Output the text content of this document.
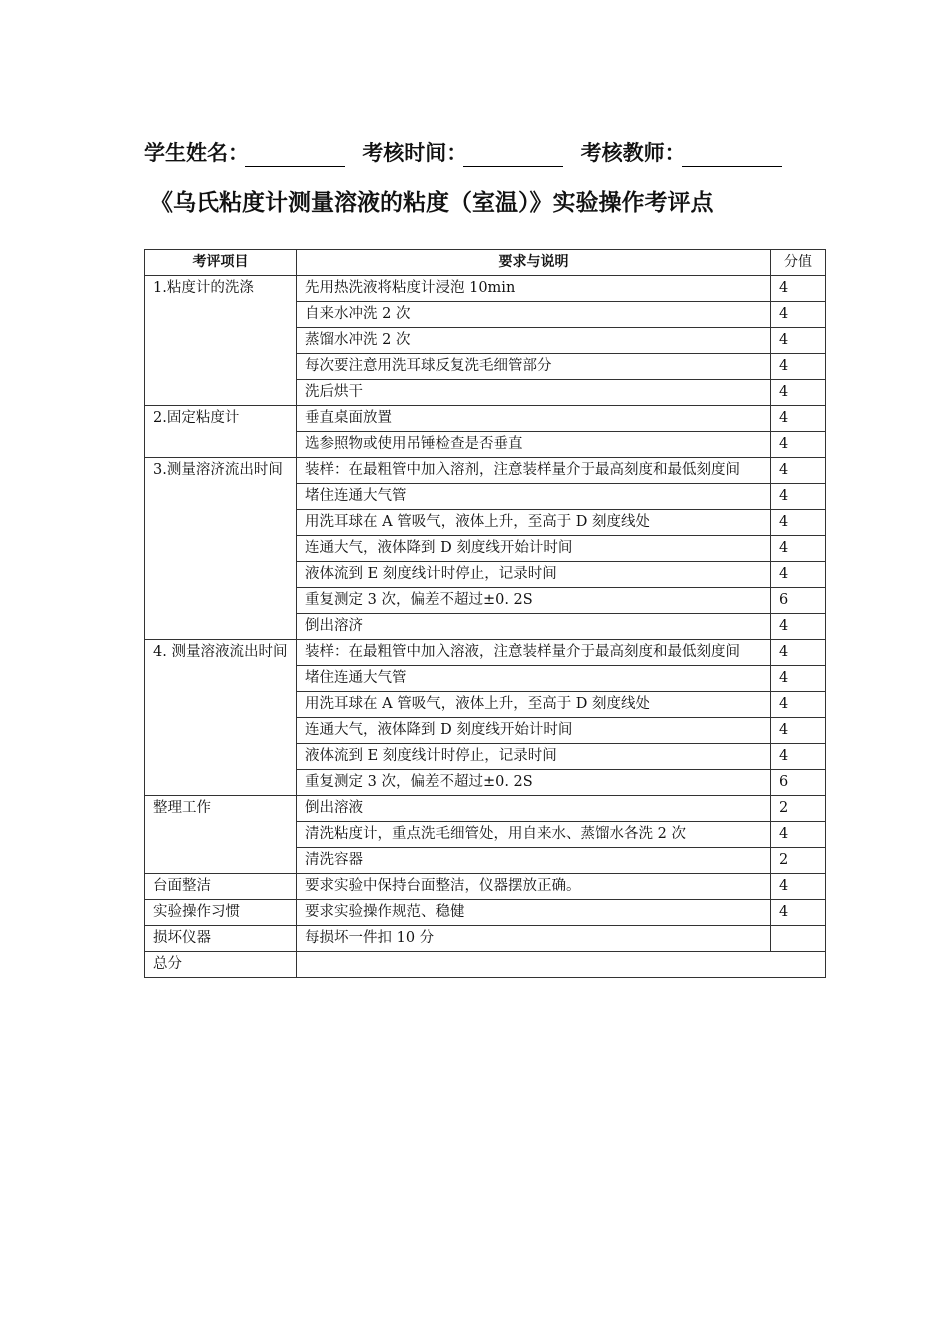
学生姓名：	考核时间：	考核教师：
《乌氏粘度计测量溶液的粘度（室温）》实验操作考评点
考评项目	要求与说明	分值
1.粘度计的洗涤	先用热洗液将粘度计浸泡 10min	4
	自来水冲洗 2 次	4
	蒸馏水冲洗 2 次	4
	每次要注意用洗耳球反复洗毛细管部分	4
	洗后烘干	4
2.固定粘度计	垂直桌面放置	4
	选参照物或使用吊锤检查是否垂直	4
3.测量溶济流出时间	装样：在最粗管中加入溶剂，注意装样量介于最高刻度和最低刻度间	4
	堵住连通大气管	4
	用洗耳球在 A 管吸气，液体上升，至高于 D 刻度线处	4
	连通大气，液体降到 D 刻度线开始计时间	4
	液体流到 E 刻度线计时停止，记录时间	4
	重复测定 3 次，偏差不超过±0. 2S	6
	倒出溶济	4
4. 测量溶液流出时间	装样：在最粗管中加入溶液，注意装样量介于最高刻度和最低刻度间	4
	堵住连通大气管	4
	用洗耳球在 A 管吸气，液体上升，至高于 D 刻度线处	4
	连通大气，液体降到 D 刻度线开始计时间	4
	液体流到 E 刻度线计时停止，记录时间	4
	重复测定 3 次，偏差不超过±0. 2S	6
整理工作	倒出溶液	2
	清洗粘度计，重点洗毛细管处，用自来水、蒸馏水各洗 2 次	4
	清洗容器	2
台面整洁	要求实验中保持台面整洁，仪器摆放正确。	4
实验操作习惯	要求实验操作规范、稳健	4
损坏仪器	每损坏一件扣 10 分	
总分		
